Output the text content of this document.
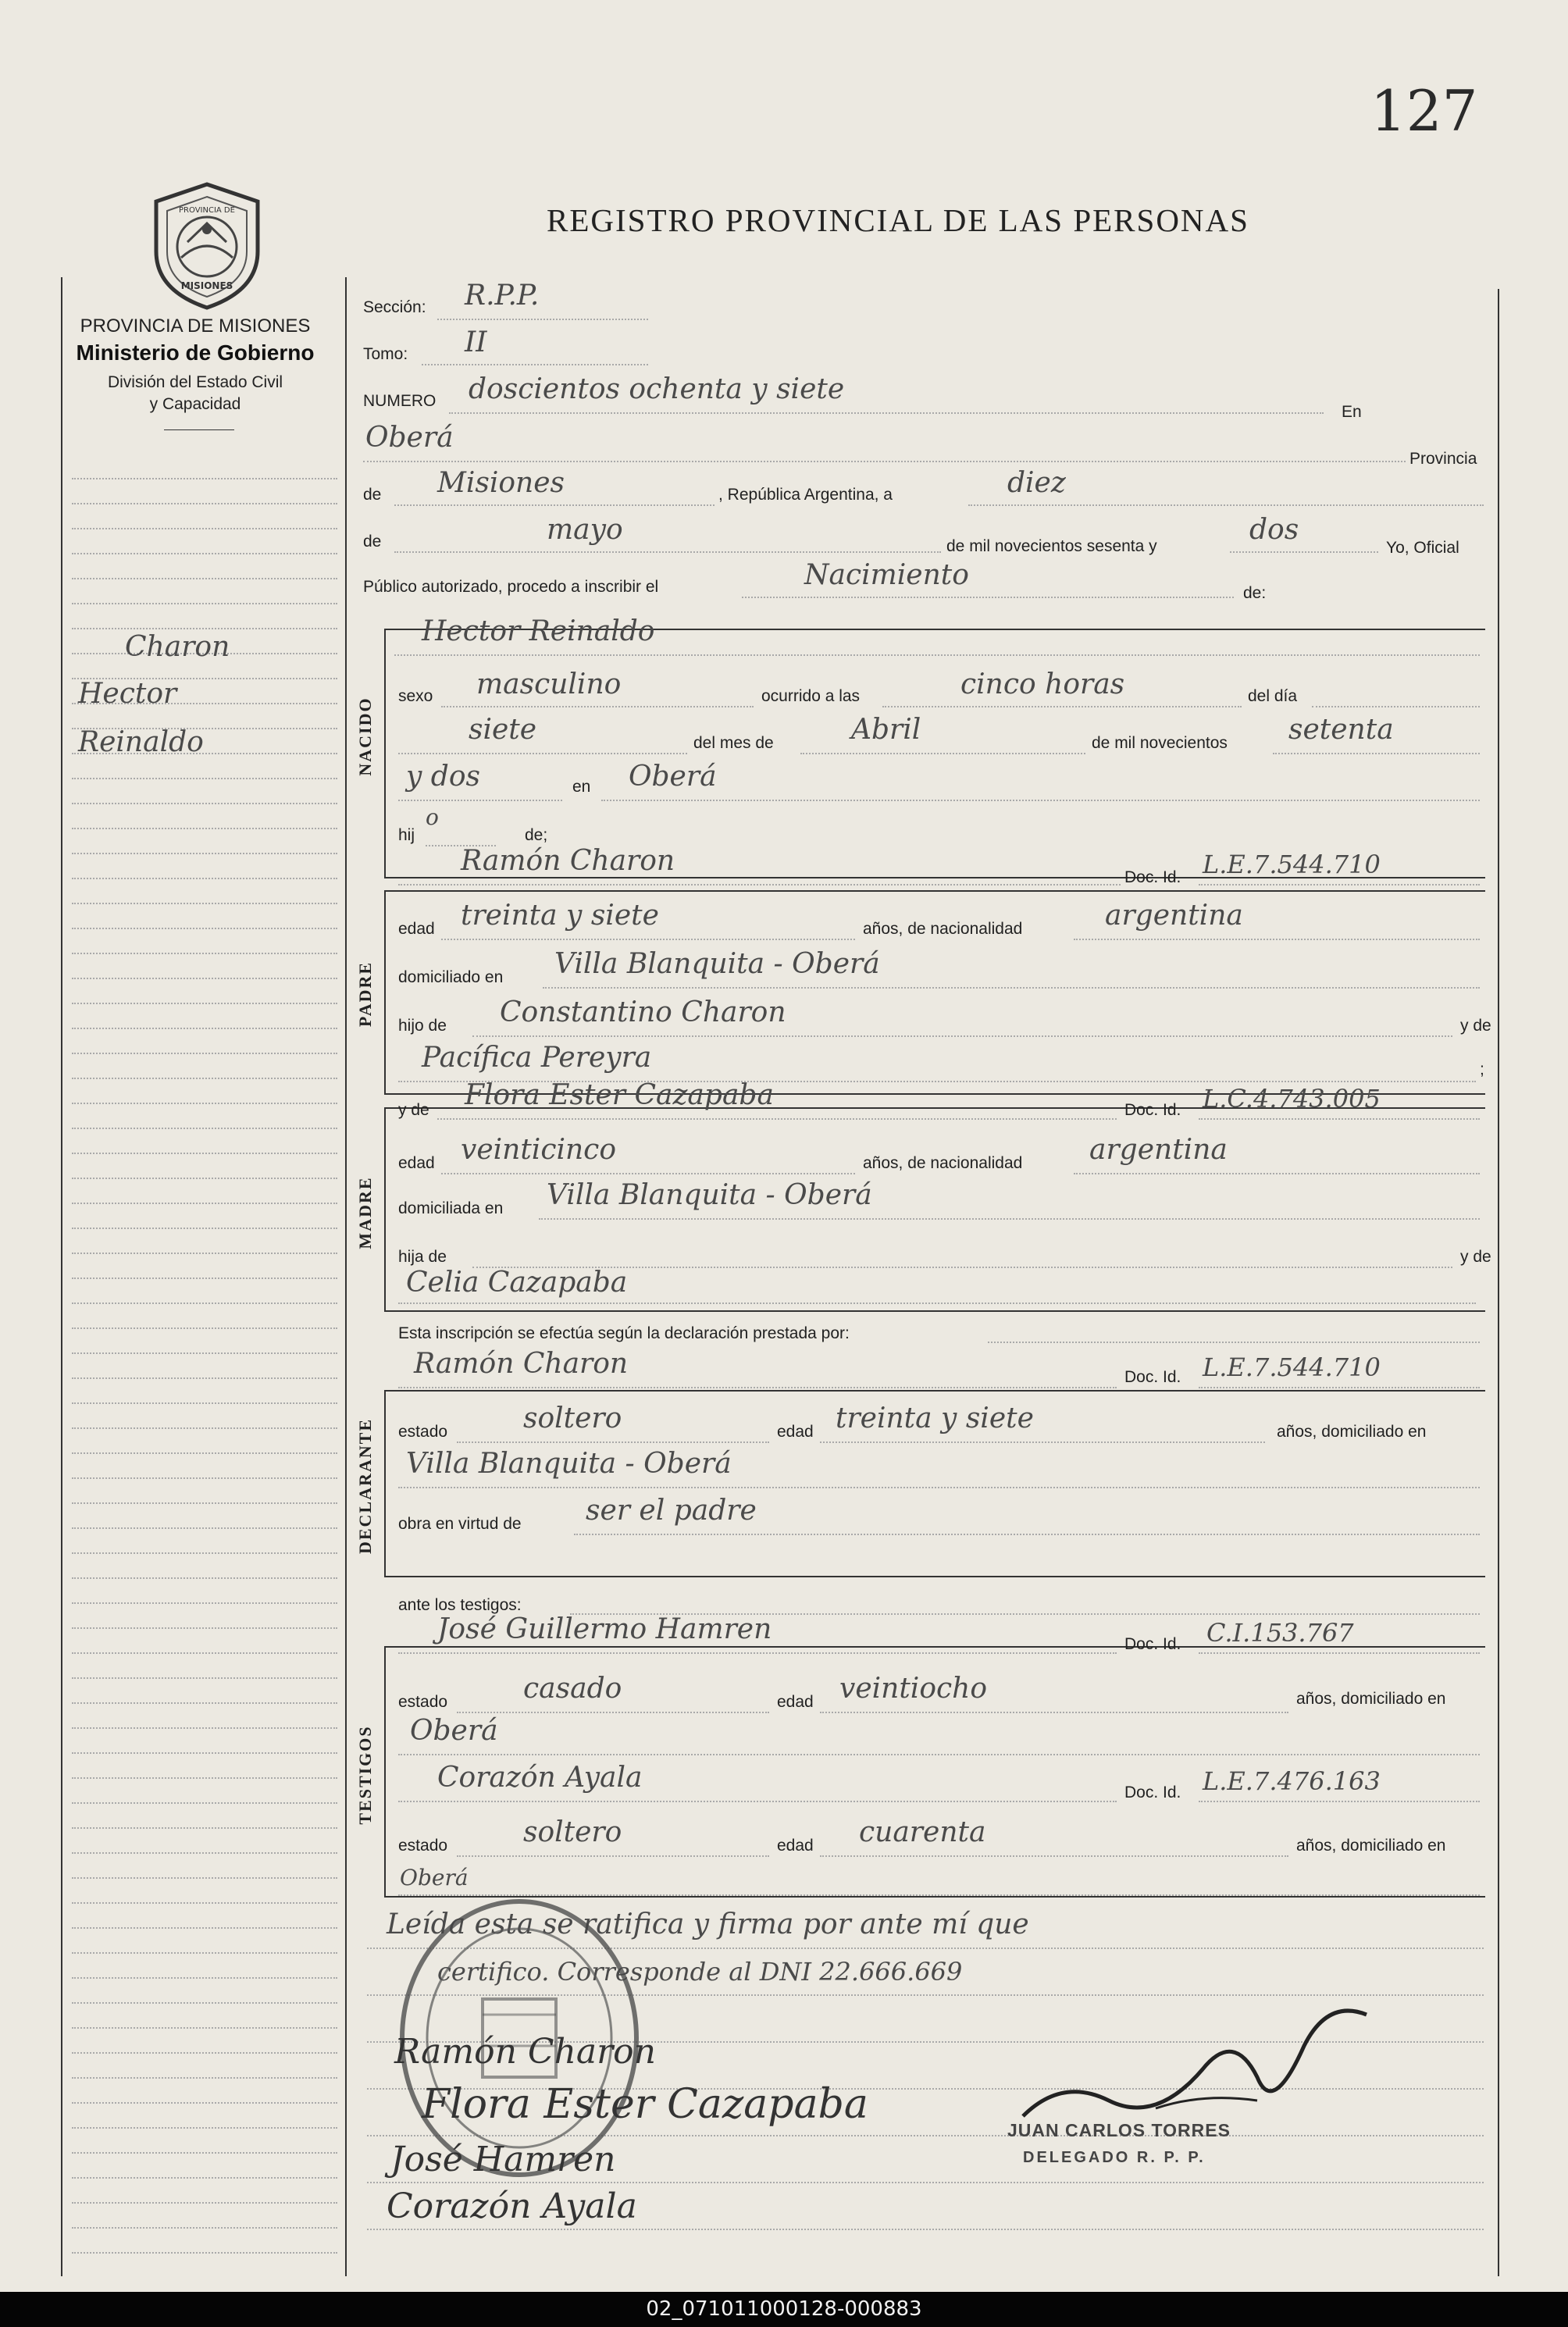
127
REGISTRO PROVINCIAL DE LAS PERSONAS
PROVINCIA DE
MISIONES
PROVINCIA DE MISIONES
Ministerio de Gobierno
División del Estado Civil
y Capacidad
Charon
Hector
Reinaldo	NACIDO
PADRE
MADRE
DECLARANTE
TESTIGOS
Sección: R.P.P.
Tomo: II
NUMERO doscientos ochenta y siete
En
Oberá
Provincia
de Misiones	, República Argentina, a	diez
de	mayo
de mil novecientos sesenta y
dos
Yo, Oficial
Público autorizado, procedo a inscribir el	Nacimiento
de:
Hector Reinaldo
sexo masculino	ocurrido a las	cinco horas	del día
siete	del mes de	Abril	de mil novecientos setenta
y dos	en Oberá
hij
o
de;
Ramón Charon
Doc. Id. L.E.7.544.710
edad treinta y siete	años, de nacionalidad	argentina
domiciliado en Villa Blanquita - Oberá
hijo de Constantino Charon	y de
Pacífica Pereyra	;
y de Flora Ester Cazapaba	Doc. Id. L.C.4.743.005
edad veinticinco	años, de nacionalidad argentina
domiciliada en Villa Blanquita - Oberá
hija de	y de
Celia Cazapaba
Esta inscripción se efectúa según la declaración prestada por:
Ramón Charon	Doc. Id. L.E.7.544.710
estado	soltero	edad treinta y siete	años, domiciliado en
Villa Blanquita - Oberá
obra en virtud de ser el padre
ante los testigos:
José Guillermo Hamren	Doc. Id. C.I.153.767
estado	casado	edad veintiocho	años, domiciliado en
Oberá
Corazón Ayala	Doc. Id. L.E.7.476.163
estado	soltero	edad cuarenta	años, domiciliado en
Oberá
Leída esta se ratifica y firma por ante mí que
certifico. Corresponde al DNI 22.666.669
Ramón Charon
Flora Ester Cazapaba
José Hamren
Corazón Ayala
JUAN CARLOS TORRES
DELEGADO R. P. P.
02_071011000128-000883
